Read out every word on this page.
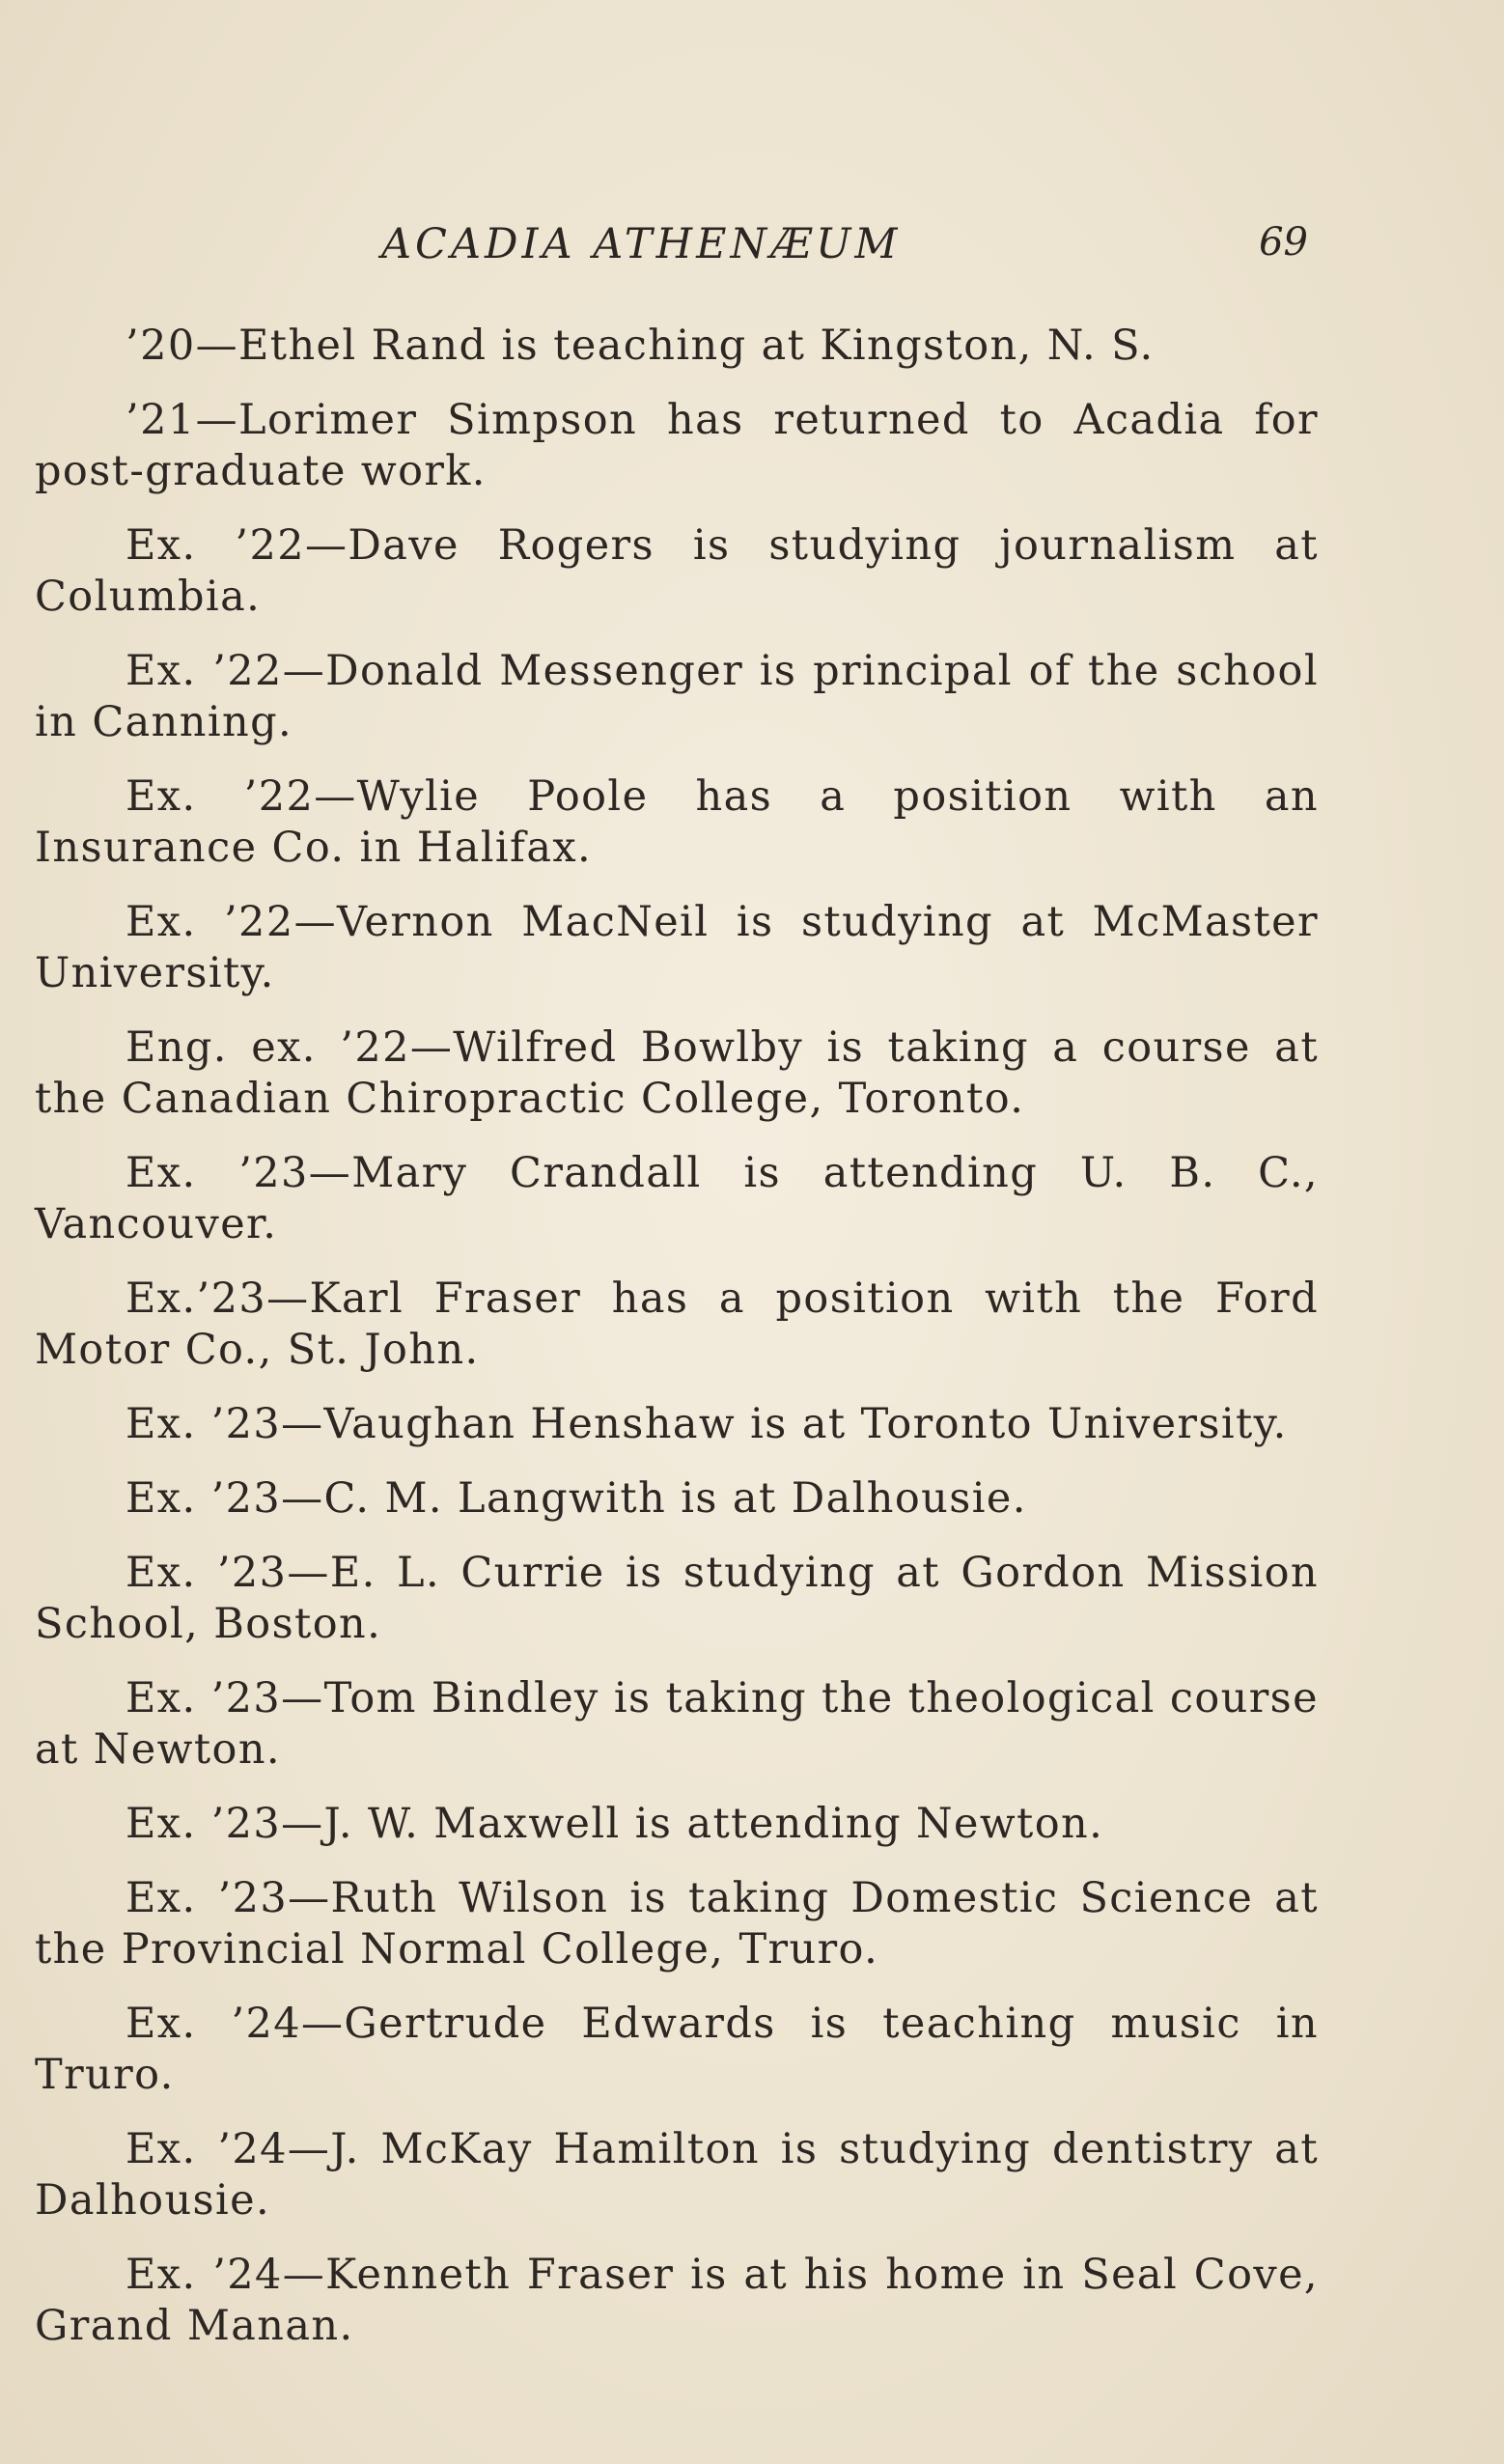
ACADIA ATHENÆUM	69

’20—Ethel Rand is teaching at Kingston, N. S.

’21—Lorimer Simpson has returned to Acadia for post-graduate work.

Ex. ’22—Dave Rogers is studying journalism at Columbia.

Ex. ’22—Donald Messenger is principal of the school in Canning.

Ex. ’22—Wylie Poole has a position with an Insurance Co. in Halifax.

Ex. ’22—Vernon MacNeil is studying at McMaster University.

Eng. ex. ’22—Wilfred Bowlby is taking a course at the Canadian Chiropractic College, Toronto.

Ex. ’23—Mary Crandall is attending U. B. C., Vancouver.

Ex.’23—Karl Fraser has a position with the Ford Motor Co., St. John.

Ex. ’23—Vaughan Henshaw is at Toronto University.

Ex. ’23—C. M. Langwith is at Dalhousie.

Ex. ’23—E. L. Currie is studying at Gordon Mission School, Boston.

Ex. ’23—Tom Bindley is taking the theological course at Newton.

Ex. ’23—J. W. Maxwell is attending Newton.

Ex. ’23—Ruth Wilson is taking Domestic Science at the Provincial Normal College, Truro.

Ex. ’24—Gertrude Edwards is teaching music in Truro.

Ex. ’24—J. McKay Hamilton is studying dentistry at Dalhousie.

Ex. ’24—Kenneth Fraser is at his home in Seal Cove, Grand Manan.
